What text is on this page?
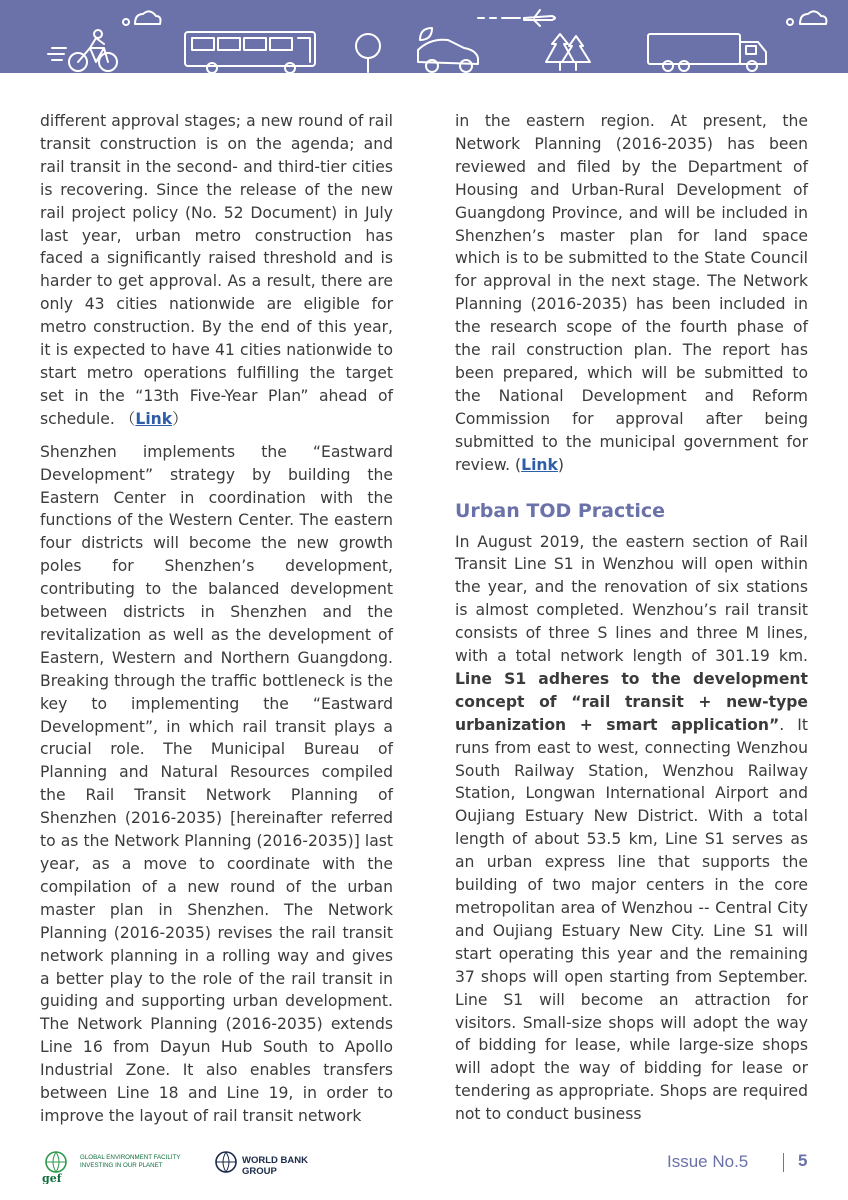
different approval stages; a new round of rail transit construction is on the agenda; and rail transit in the second- and third-tier cities is recovering. Since the release of the new rail project policy (No. 52 Document) in July last year, urban metro construction has faced a significantly raised threshold and is harder to get approval. As a result, there are only 43 cities nationwide are eligible for metro construction. By the end of this year, it is expected to have 41 cities nationwide to start metro operations fulfilling the target set in the “13th Five-Year Plan” ahead of schedule. （Link）

Shenzhen implements the “Eastward Development” strategy by building the Eastern Center in coordination with the functions of the Western Center. The eastern four districts will become the new growth poles for Shenzhen’s development, contributing to the balanced development between districts in Shenzhen and the revitalization as well as the development of Eastern, Western and Northern Guangdong. Breaking through the traffic bottleneck is the key to implementing the “Eastward Development”, in which rail transit plays a crucial role. The Municipal Bureau of Planning and Natural Resources compiled the Rail Transit Network Planning of Shenzhen (2016-2035) [hereinafter referred to as the Network Planning (2016-2035)] last year, as a move to coordinate with the compilation of a new round of the urban master plan in Shenzhen. The Network Planning (2016-2035) revises the rail transit network planning in a rolling way and gives a better play to the role of the rail transit in guiding and supporting urban development. The Network Planning (2016-2035) extends Line 16 from Dayun Hub South to Apollo Industrial Zone. It also enables transfers between Line 18 and Line 19, in order to improve the layout of rail transit network

in the eastern region. At present, the Network Planning (2016-2035) has been reviewed and filed by the Department of Housing and Urban-Rural Development of Guangdong Province, and will be included in Shenzhen’s master plan for land space which is to be submitted to the State Council for approval in the next stage. The Network Planning (2016-2035) has been included in the research scope of the fourth phase of the rail construction plan. The report has been prepared, which will be submitted to the National Development and Reform Commission for approval after being submitted to the municipal government for review. (Link)

Urban TOD Practice

In August 2019, the eastern section of Rail Transit Line S1 in Wenzhou will open within the year, and the renovation of six stations is almost completed. Wenzhou’s rail transit consists of three S lines and three M lines, with a total network length of 301.19 km. Line S1 adheres to the development concept of “rail transit + new-type urbanization + smart application”. It runs from east to west, connecting Wenzhou South Railway Station, Wenzhou Railway Station, Longwan International Airport and Oujiang Estuary New District. With a total length of about 53.5 km, Line S1 serves as an urban express line that supports the building of two major centers in the core metropolitan area of Wenzhou -- Central City and Oujiang Estuary New City. Line S1 will start operating this year and the remaining 37 shops will open starting from September. Line S1 will become an attraction for visitors. Small-size shops will adopt the way of bidding for lease, while large-size shops will adopt the way of bidding for lease or tendering as appropriate. Shops are required not to conduct business

gef
GLOBAL ENVIRONMENT FACILITY
INVESTING IN OUR PLANET	WORLD BANK GROUP
Issue No.5	5
